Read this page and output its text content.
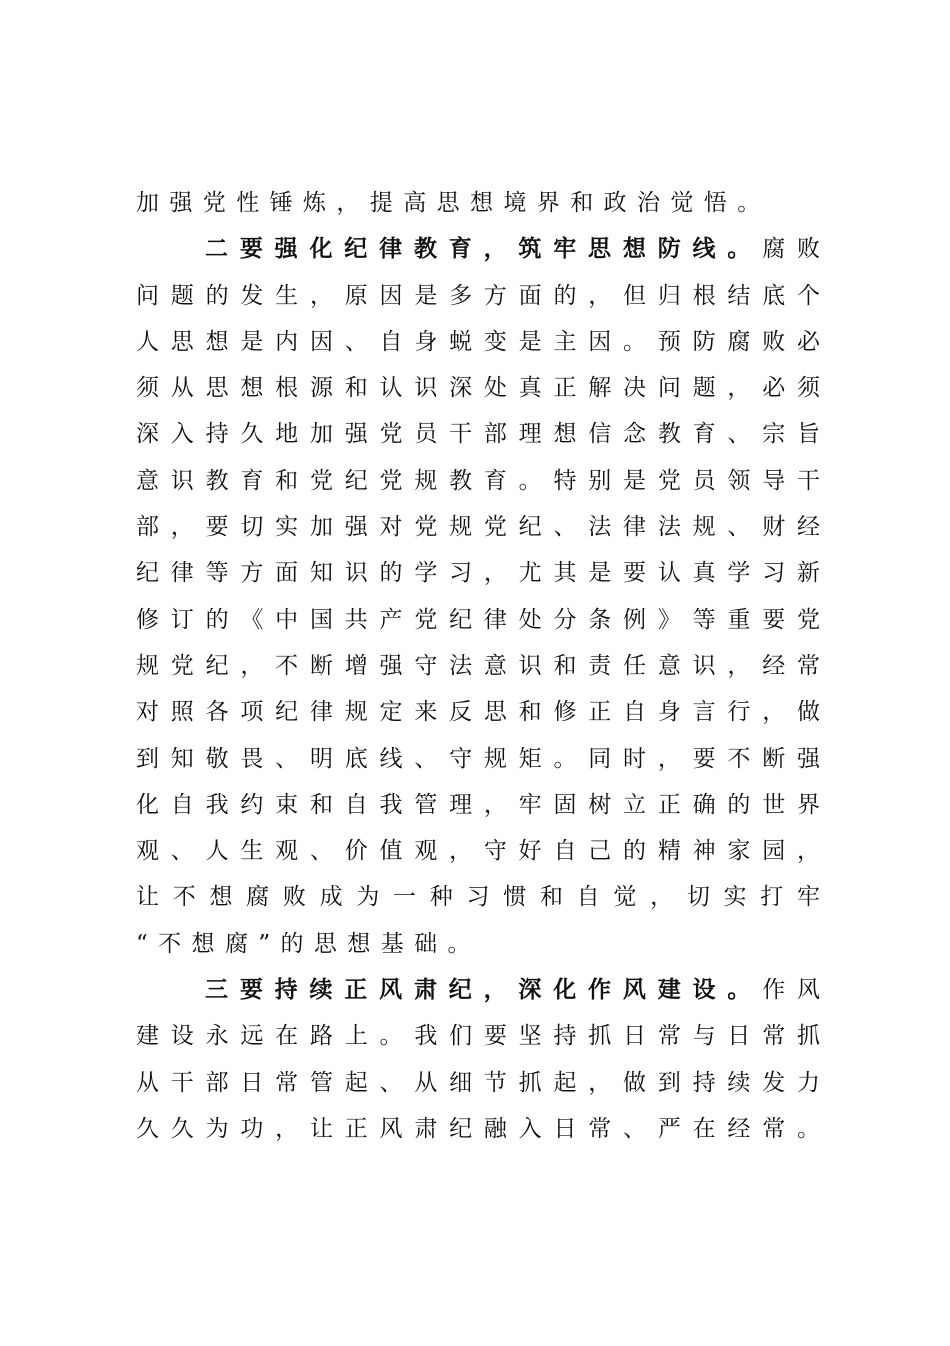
加强党性锤炼，提高思想境界和政治觉悟。
二要强化纪律教育，筑牢思想防线。腐败
问题的发生，原因是多方面的，但归根结底个
人思想是内因、自身蜕变是主因。预防腐败必
须从思想根源和认识深处真正解决问题，必须
深入持久地加强党员干部理想信念教育、宗旨
意识教育和党纪党规教育。特别是党员领导干
部，要切实加强对党规党纪、法律法规、财经
纪律等方面知识的学习，尤其是要认真学习新
修订的《中国共产党纪律处分条例》等重要党
规党纪，不断增强守法意识和责任意识，经常
对照各项纪律规定来反思和修正自身言行，做
到知敬畏、明底线、守规矩。同时，要不断强
化自我约束和自我管理，牢固树立正确的世界
观、人生观、价值观，守好自己的精神家园，
让不想腐败成为一种习惯和自觉，切实打牢
“不想腐”的思想基础。
三要持续正风肃纪，深化作风建设。作风
建设永远在路上。我们要坚持抓日常与日常抓
从干部日常管起、从细节抓起，做到持续发力
久久为功，让正风肃纪融入日常、严在经常。
